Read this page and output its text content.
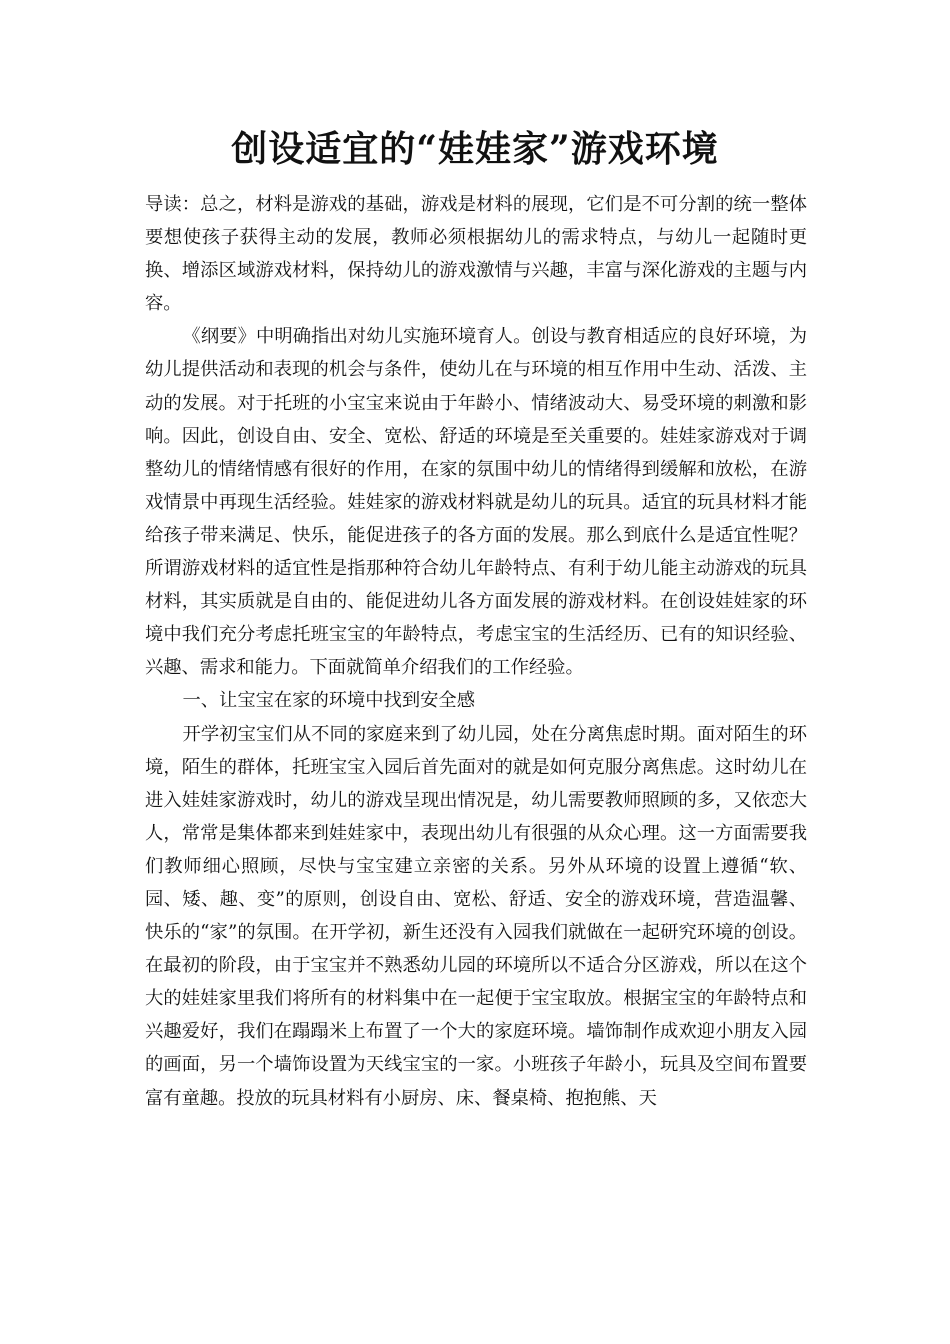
创设适宜的“娃娃家”游戏环境

导读：总之，材料是游戏的基础，游戏是材料的展现，它们是不可分割的统一整体要想使孩子获得主动的发展，教师必须根据幼儿的需求特点，与幼儿一起随时更换、增添区域游戏材料，保持幼儿的游戏激情与兴趣，丰富与深化游戏的主题与内容。

《纲要》中明确指出对幼儿实施环境育人。创设与教育相适应的良好环境，为幼儿提供活动和表现的机会与条件，使幼儿在与环境的相互作用中生动、活泼、主动的发展。对于托班的小宝宝来说由于年龄小、情绪波动大、易受环境的刺激和影响。因此，创设自由、安全、宽松、舒适的环境是至关重要的。娃娃家游戏对于调整幼儿的情绪情感有很好的作用，在家的氛围中幼儿的情绪得到缓解和放松，在游戏情景中再现生活经验。娃娃家的游戏材料就是幼儿的玩具。适宜的玩具材料才能给孩子带来满足、快乐，能促进孩子的各方面的发展。那么到底什么是适宜性呢？所谓游戏材料的适宜性是指那种符合幼儿年龄特点、有利于幼儿能主动游戏的玩具材料，其实质就是自由的、能促进幼儿各方面发展的游戏材料。在创设娃娃家的环境中我们充分考虑托班宝宝的年龄特点，考虑宝宝的生活经历、已有的知识经验、兴趣、需求和能力。下面就简单介绍我们的工作经验。

一、让宝宝在家的环境中找到安全感

开学初宝宝们从不同的家庭来到了幼儿园，处在分离焦虑时期。面对陌生的环境，陌生的群体，托班宝宝入园后首先面对的就是如何克服分离焦虑。这时幼儿在进入娃娃家游戏时，幼儿的游戏呈现出情况是，幼儿需要教师照顾的多，又依恋大人，常常是集体都来到娃娃家中，表现出幼儿有很强的从众心理。这一方面需要我们教师细心照顾，尽快与宝宝建立亲密的关系。另外从环境的设置上遵循“软、园、矮、趣、变”的原则，创设自由、宽松、舒适、安全的游戏环境，营造温馨、快乐的“家”的氛围。在开学初，新生还没有入园我们就做在一起研究环境的创设。在最初的阶段，由于宝宝并不熟悉幼儿园的环境所以不适合分区游戏，所以在这个大的娃娃家里我们将所有的材料集中在一起便于宝宝取放。根据宝宝的年龄特点和兴趣爱好，我们在蹋蹋米上布置了一个大的家庭环境。墙饰制作成欢迎小朋友入园的画面，另一个墙饰设置为天线宝宝的一家。小班孩子年龄小，玩具及空间布置要富有童趣。投放的玩具材料有小厨房、床、餐桌椅、抱抱熊、天
